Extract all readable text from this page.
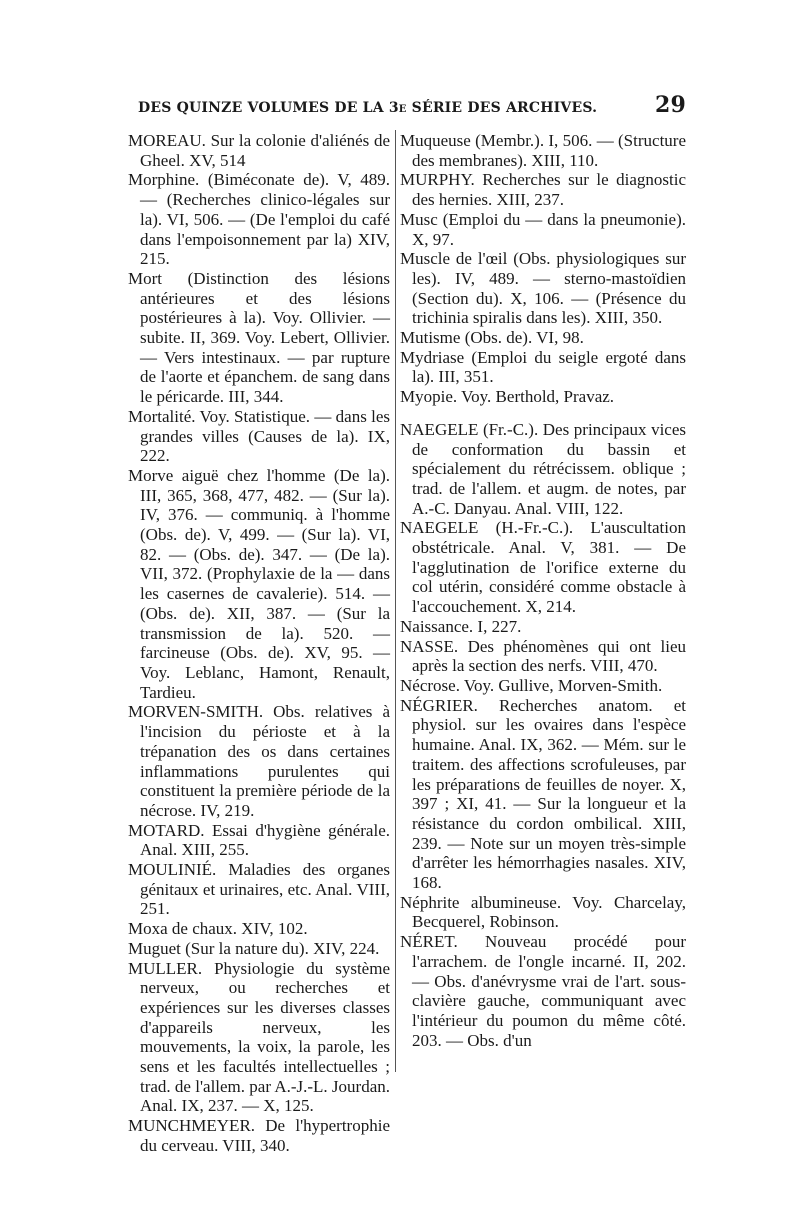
DES QUINZE VOLUMES DE LA 3e SÉRIE DES ARCHIVES.	29

MOREAU. Sur la colonie d'aliénés de Gheel. XV, 514

Morphine. (Biméconate de). V, 489. — (Recherches clinico-légales sur la). VI, 506. — (De l'emploi du café dans l'empoisonnement par la) XIV, 215.

Mort (Distinction des lésions antérieures et des lésions postérieures à la). Voy. Ollivier. — subite. II, 369. Voy. Lebert, Ollivier. — Vers intestinaux. — par rupture de l'aorte et épanchem. de sang dans le péricarde. III, 344.

Mortalité. Voy. Statistique. — dans les grandes villes (Causes de la). IX, 222.

Morve aiguë chez l'homme (De la). III, 365, 368, 477, 482. — (Sur la). IV, 376. — communiq. à l'homme (Obs. de). V, 499. — (Sur la). VI, 82. — (Obs. de). 347. — (De la). VII, 372. (Prophylaxie de la — dans les casernes de cavalerie). 514. — (Obs. de). XII, 387. — (Sur la transmission de la). 520. — farcineuse (Obs. de). XV, 95. — Voy. Leblanc, Hamont, Renault, Tardieu.

MORVEN-SMITH. Obs. relatives à l'incision du périoste et à la trépanation des os dans certaines inflammations purulentes qui constituent la première période de la nécrose. IV, 219.

MOTARD. Essai d'hygiène générale. Anal. XIII, 255.

MOULINIÉ. Maladies des organes génitaux et urinaires, etc. Anal. VIII, 251.

Moxa de chaux. XIV, 102.

Muguet (Sur la nature du). XIV, 224.

MULLER. Physiologie du système nerveux, ou recherches et expériences sur les diverses classes d'appareils nerveux, les mouvements, la voix, la parole, les sens et les facultés intellectuelles ; trad. de l'allem. par A.-J.-L. Jourdan. Anal. IX, 237. — X, 125.

MUNCHMEYER. De l'hypertrophie du cerveau. VIII, 340.

Muqueuse (Membr.). I, 506. — (Structure des membranes). XIII, 110.

MURPHY. Recherches sur le diagnostic des hernies. XIII, 237.

Musc (Emploi du — dans la pneumonie). X, 97.

Muscle de l'œil (Obs. physiologiques sur les). IV, 489. — sterno-mastoïdien (Section du). X, 106. — (Présence du trichinia spiralis dans les). XIII, 350.

Mutisme (Obs. de). VI, 98.

Mydriase (Emploi du seigle ergoté dans la). III, 351.

Myopie. Voy. Berthold, Pravaz.

NAEGELE (Fr.-C.). Des principaux vices de conformation du bassin et spécialement du rétrécissem. oblique ; trad. de l'allem. et augm. de notes, par A.-C. Danyau. Anal. VIII, 122.

NAEGELE (H.-Fr.-C.). L'auscultation obstétricale. Anal. V, 381. — De l'agglutination de l'orifice externe du col utérin, considéré comme obstacle à l'accouchement. X, 214.

Naissance. I, 227.

NASSE. Des phénomènes qui ont lieu après la section des nerfs. VIII, 470.

Nécrose. Voy. Gullive, Morven-Smith.

NÉGRIER. Recherches anatom. et physiol. sur les ovaires dans l'espèce humaine. Anal. IX, 362. — Mém. sur le traitem. des affections scrofuleuses, par les préparations de feuilles de noyer. X, 397 ; XI, 41. — Sur la longueur et la résistance du cordon ombilical. XIII, 239. — Note sur un moyen très-simple d'arrêter les hémorrhagies nasales. XIV, 168.

Néphrite albumineuse. Voy. Charcelay, Becquerel, Robinson.

NÉRET. Nouveau procédé pour l'arrachem. de l'ongle incarné. II, 202. — Obs. d'anévrysme vrai de l'art. sous-clavière gauche, communiquant avec l'intérieur du poumon du même côté. 203. — Obs. d'un
